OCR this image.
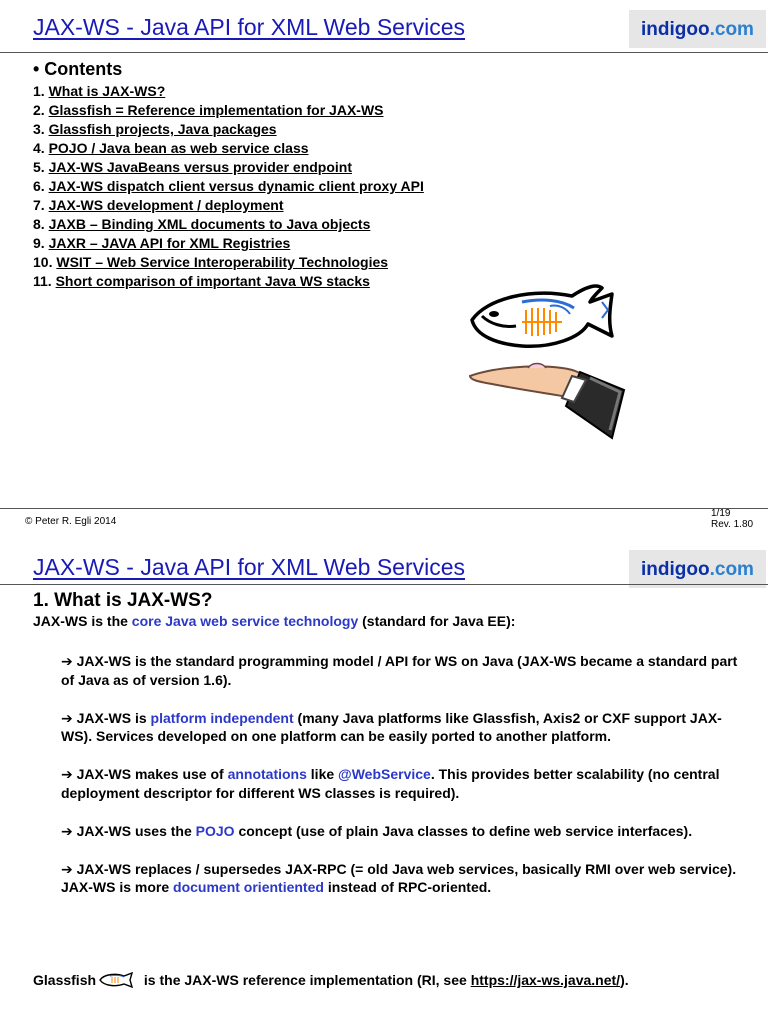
JAX-WS - Java API for XML Web Services	indigoo.com
• Contents
1. What is JAX-WS?
2. Glassfish = Reference implementation for JAX-WS
3. Glassfish projects, Java packages
4. POJO / Java bean as web service class
5. JAX-WS JavaBeans versus provider endpoint
6. JAX-WS dispatch client versus dynamic client proxy API
7. JAX-WS development / deployment
8. JAXB – Binding XML documents to Java objects
9. JAXR – JAVA API for XML Registries
10. WSIT – Web Service Interoperability Technologies
11. Short comparison of important Java WS stacks
© Peter R. Egli 2014
1/19
Rev. 1.80
JAX-WS - Java API for XML Web Services	indigoo.com
1. What is JAX-WS?
JAX-WS is the core Java web service technology (standard for Java EE):
➔ JAX-WS is the standard programming model / API for WS on Java (JAX-WS became a standard part of Java as of version 1.6).
➔ JAX-WS is platform independent (many Java platforms like Glassfish, Axis2 or CXF support JAX-WS). Services developed on one platform can be easily ported to another platform.
➔ JAX-WS makes use of annotations like @WebService. This provides better scalability (no central deployment descriptor for different WS classes is required).
➔ JAX-WS uses the POJO concept (use of plain Java classes to define web service interfaces).
➔ JAX-WS replaces / supersedes JAX-RPC (= old Java web services, basically RMI over web service). JAX-WS is more document orientiented instead of RPC-oriented.
Glassfish	is the JAX-WS reference implementation (RI, see https://jax-ws.java.net/).
